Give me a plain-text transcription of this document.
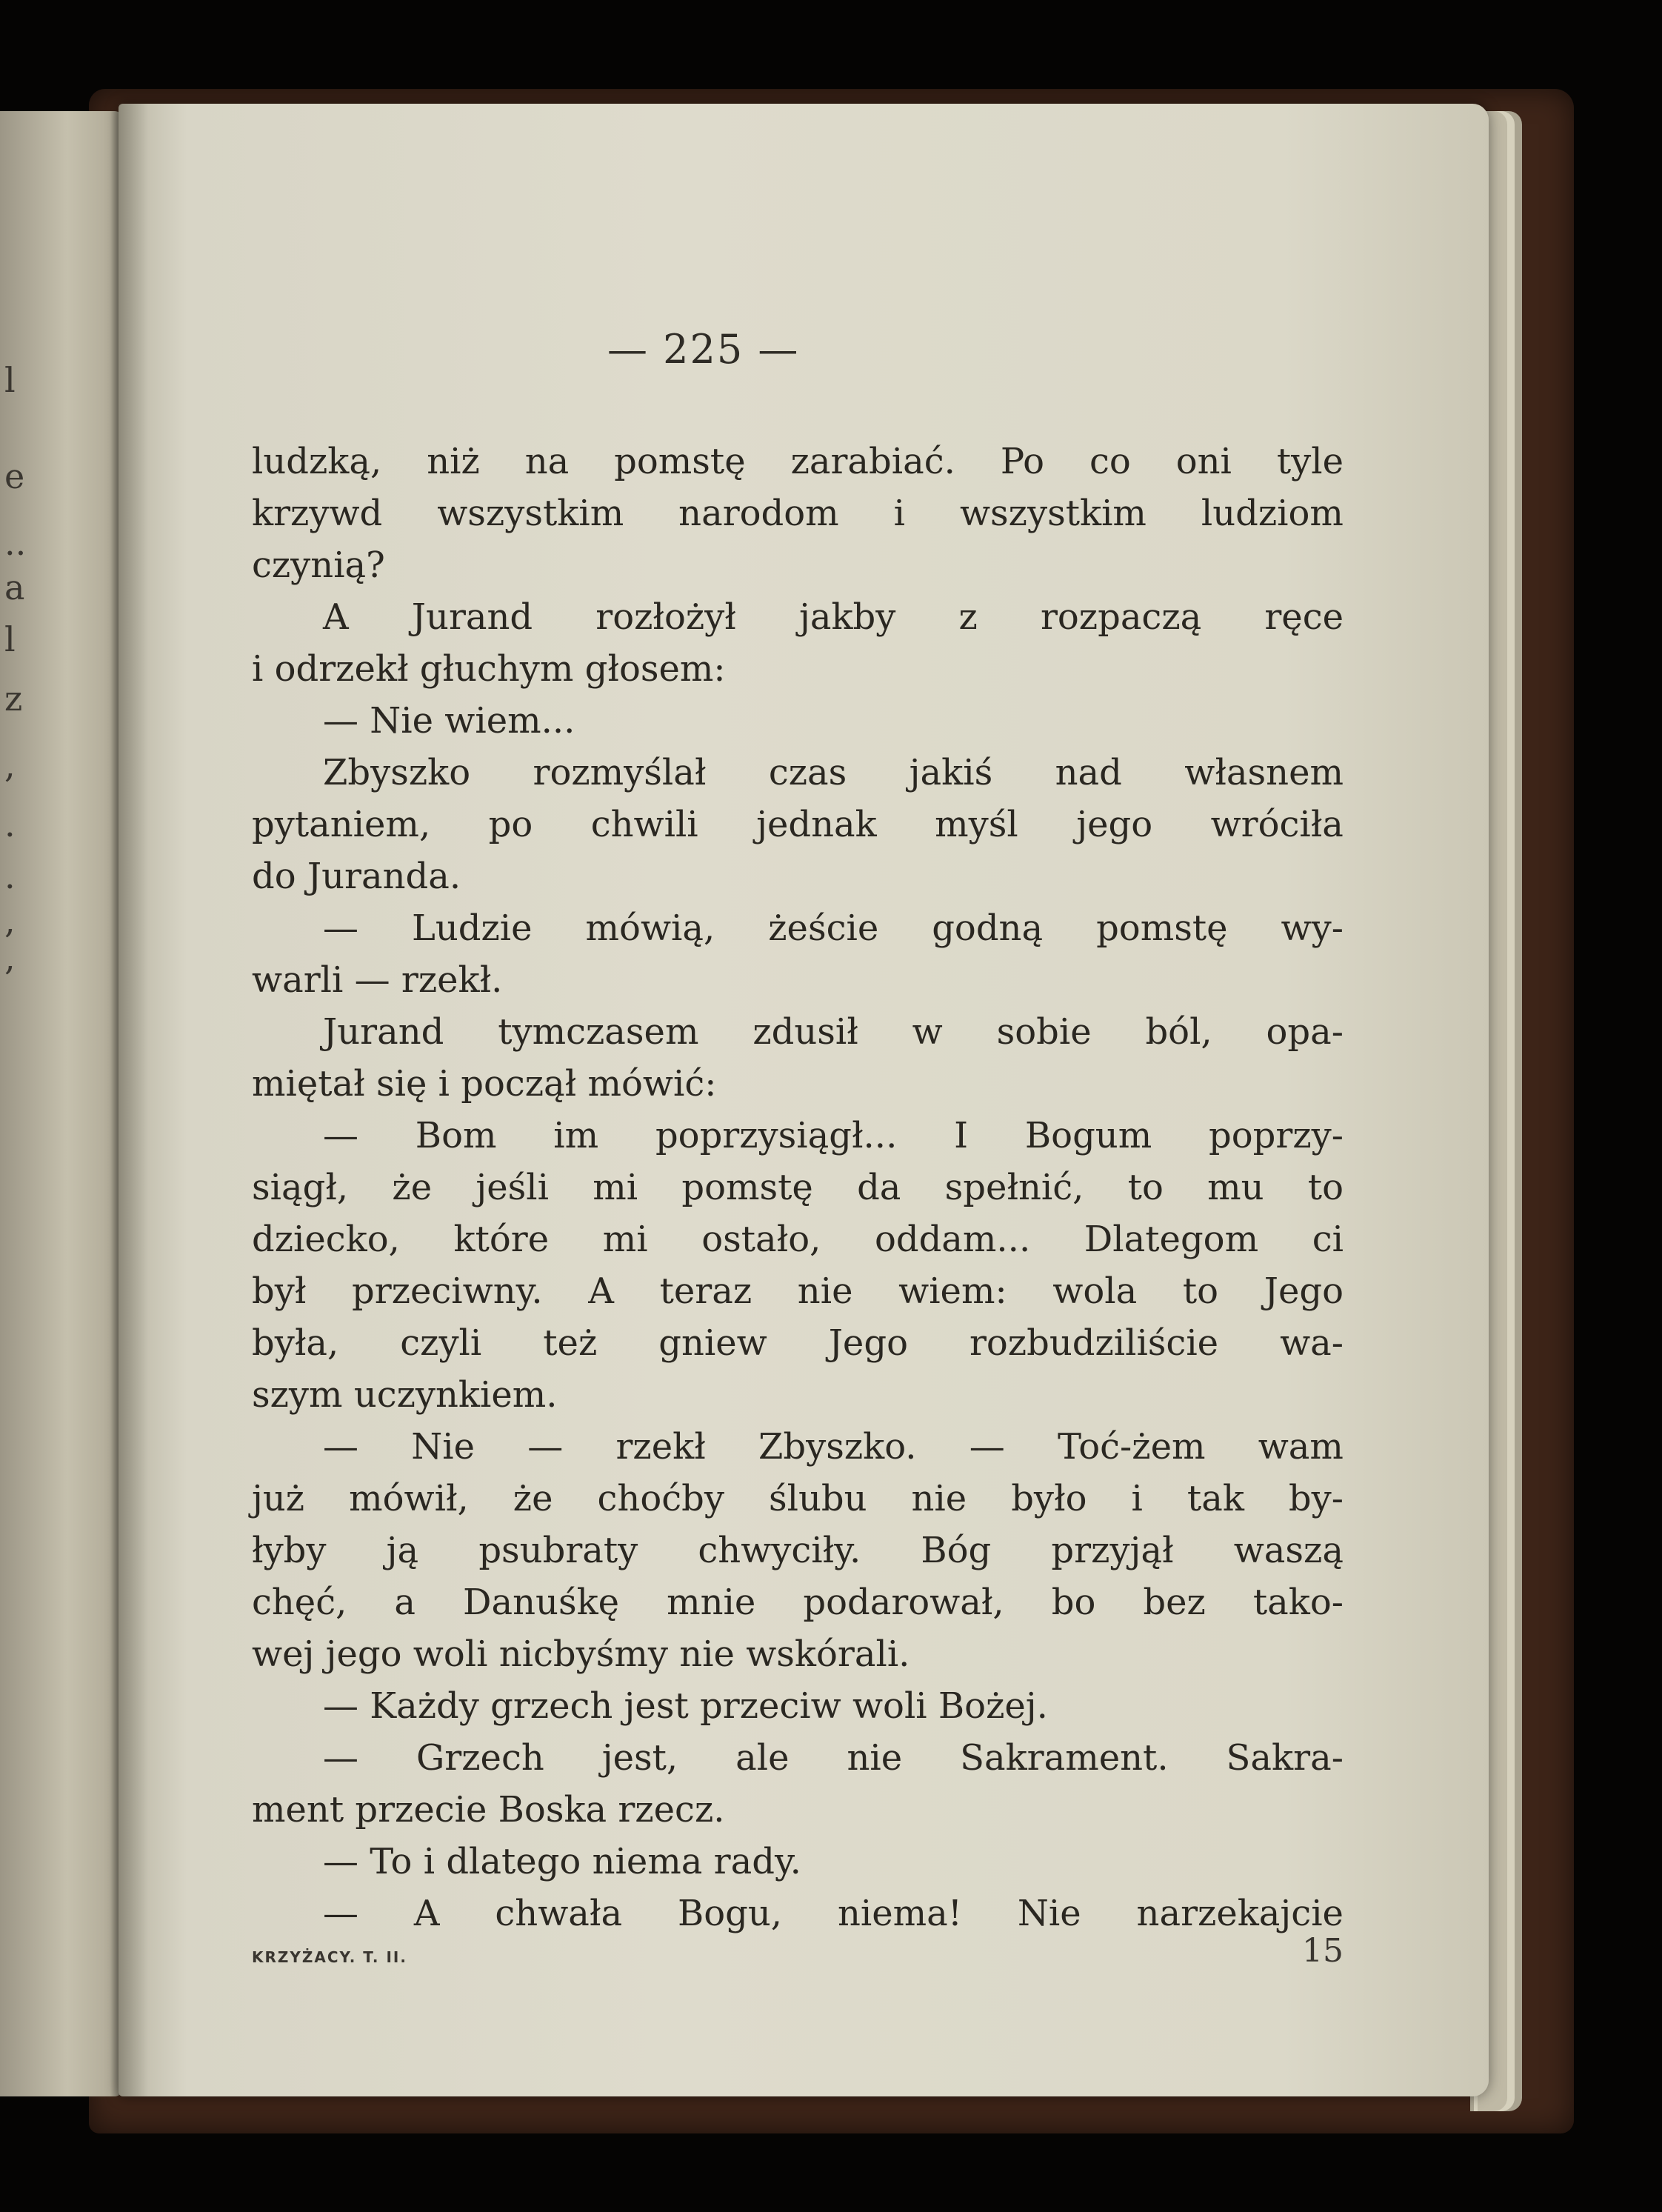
l
e
..
a
l
z
,
.
.
,
,
— 225 —
ludzką, niż na pomstę zarabiać. Po co oni tyle
krzywd wszystkim narodom i wszystkim ludziom
czynią?
A Jurand rozłożył jakby z rozpaczą ręce
i odrzekł głuchym głosem:
— Nie wiem...
Zbyszko rozmyślał czas jakiś nad własnem
pytaniem, po chwili jednak myśl jego wróciła
do Juranda.
— Ludzie mówią, żeście godną pomstę wy-
warli — rzekł.
Jurand tymczasem zdusił w sobie ból, opa-
miętał się i począł mówić:
— Bom im poprzysiągł... I Bogum poprzy-
siągł, że jeśli mi pomstę da spełnić, to mu to
dziecko, które mi ostało, oddam... Dlategom ci
był przeciwny. A teraz nie wiem: wola to Jego
była, czyli też gniew Jego rozbudziliście wa-
szym uczynkiem.
— Nie — rzekł Zbyszko. — Toć-żem wam
już mówił, że choćby ślubu nie było i tak by-
łyby ją psubraty chwyciły. Bóg przyjął waszą
chęć, a Danuśkę mnie podarował, bo bez tako-
wej jego woli nicbyśmy nie wskórali.
— Każdy grzech jest przeciw woli Bożej.
— Grzech jest, ale nie Sakrament. Sakra-
ment przecie Boska rzecz.
— To i dlatego niema rady.
— A chwała Bogu, niema! Nie narzekajcie
KRZYŻACY. T. II.	15
